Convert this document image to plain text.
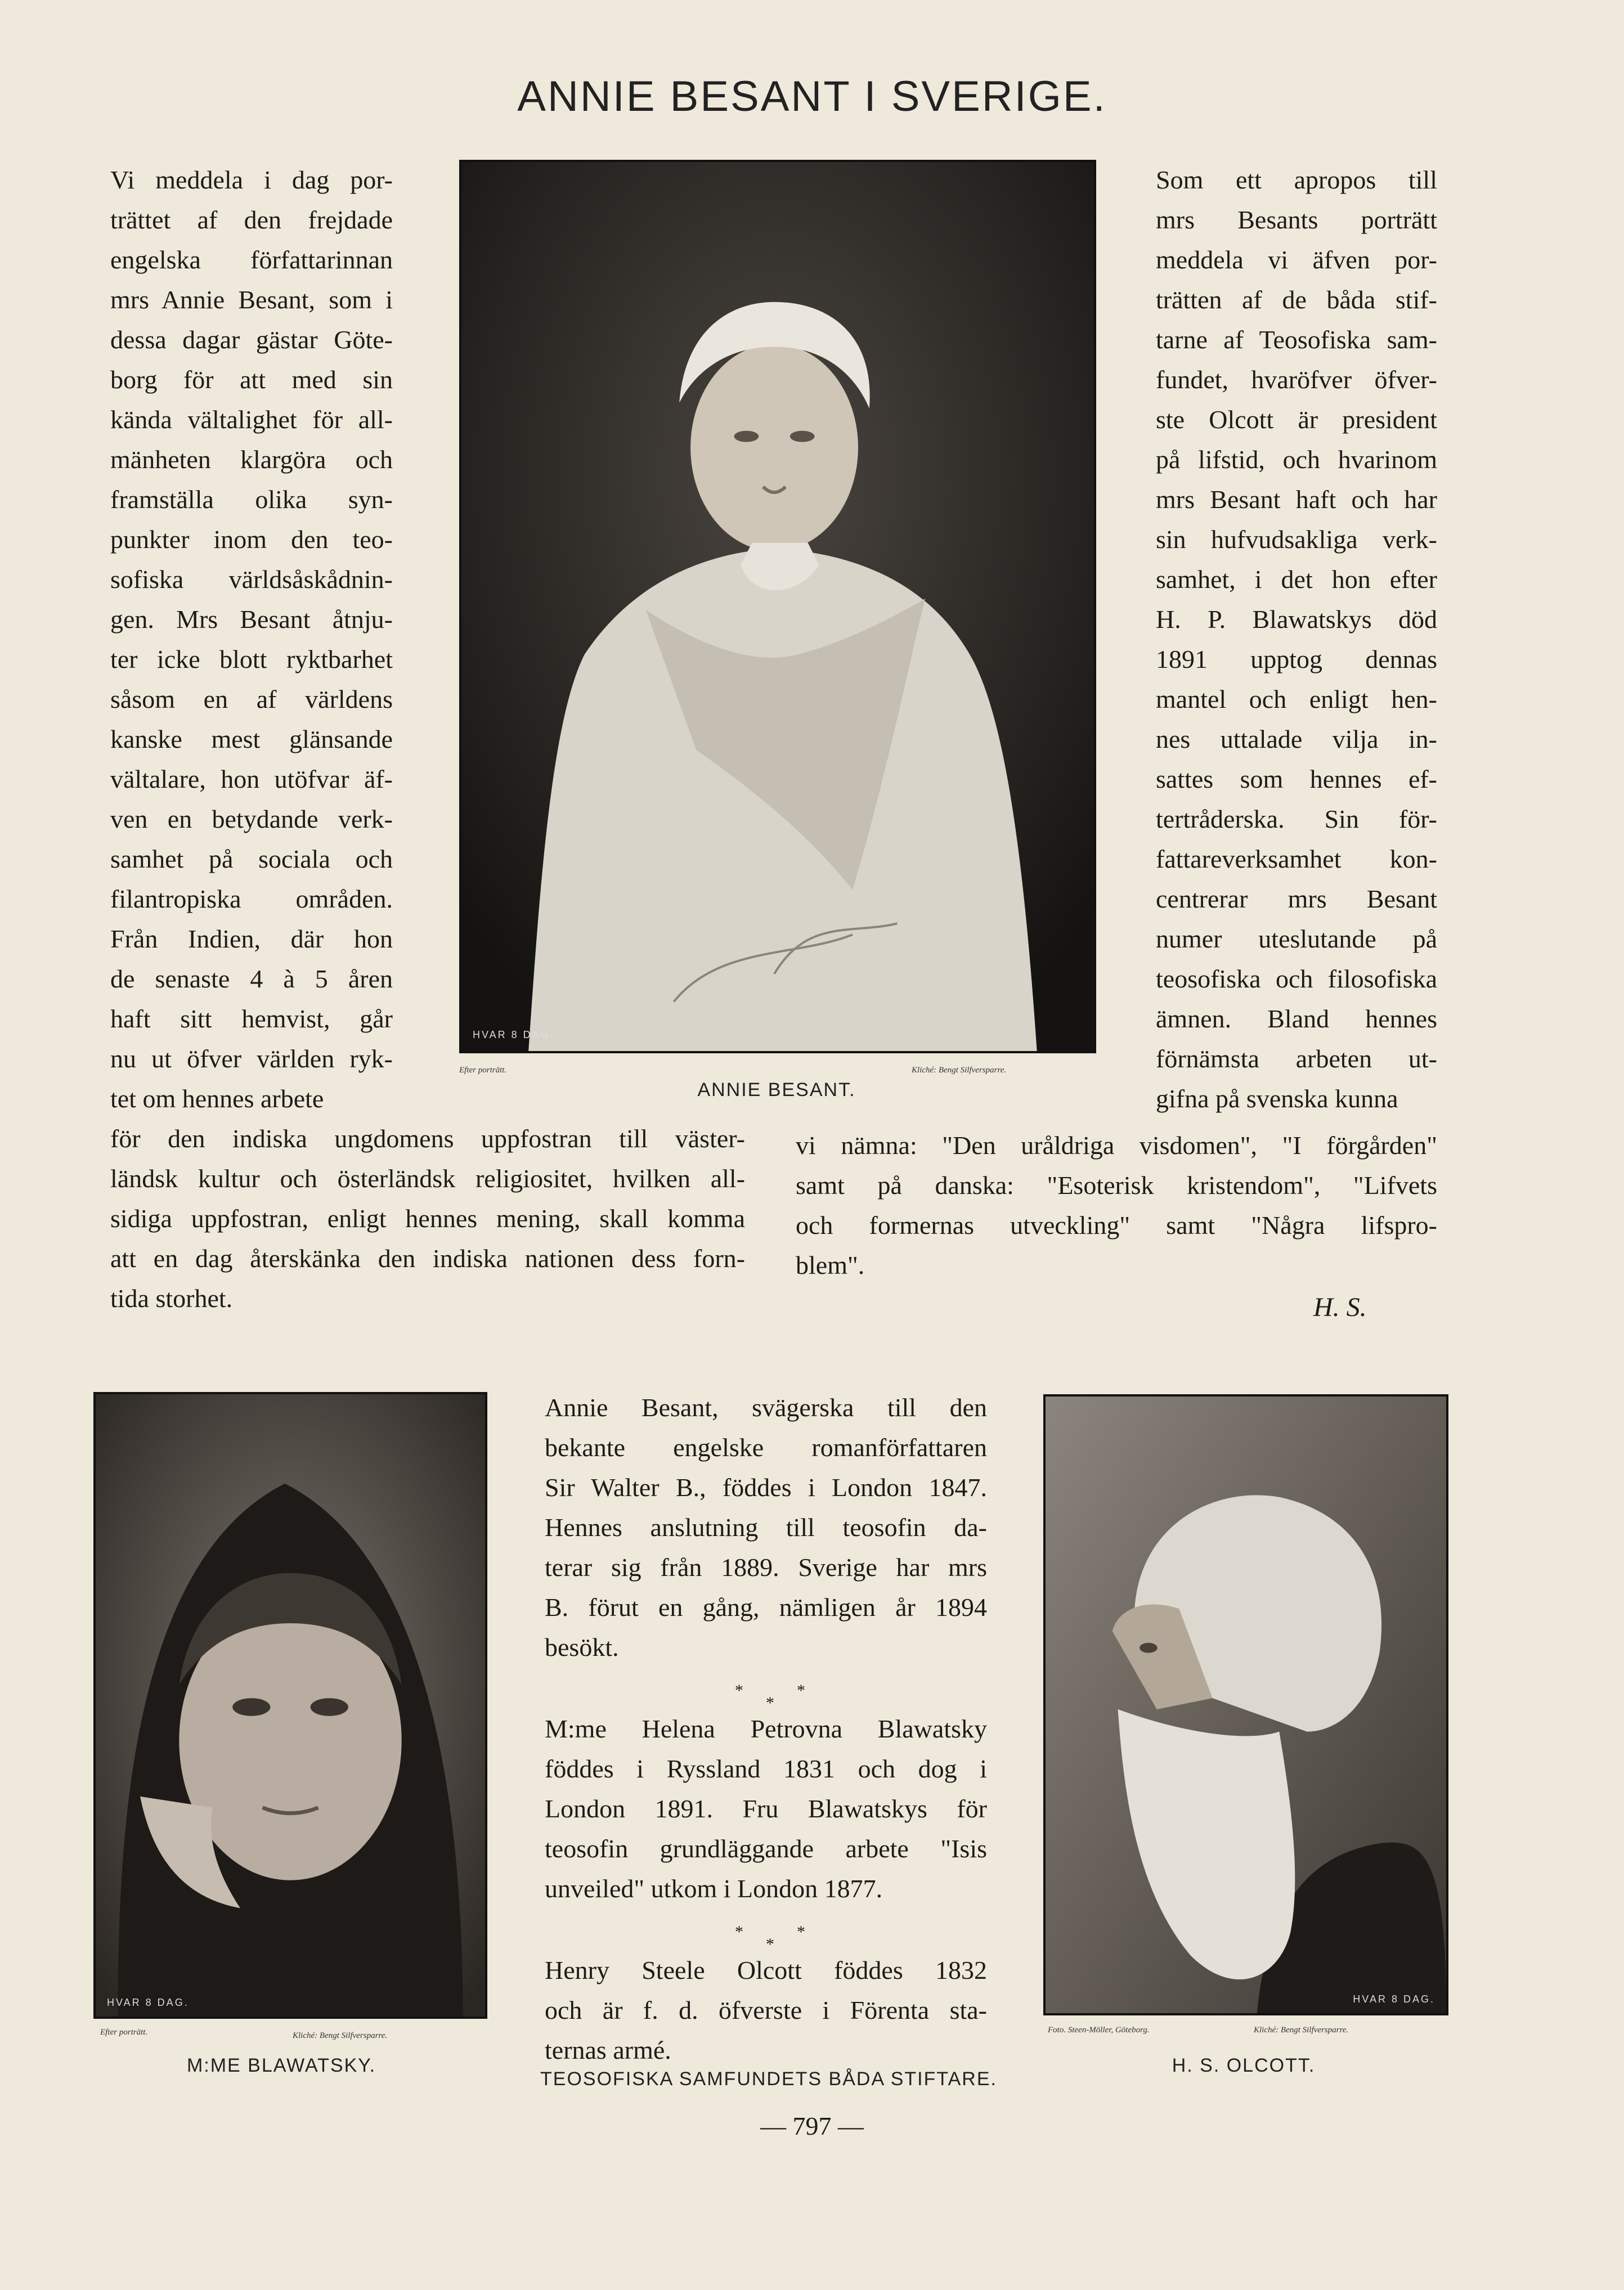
ANNIE BESANT I SVERIGE.
Vi meddela i dag por-
trättet af den frejdade
engelska författarinnan
mrs Annie Besant, som i
dessa dagar gästar Göte-
borg för att med sin
kända vältalighet för all-
mänheten klargöra och
framställa olika syn-
punkter inom den teo-
sofiska världsåskådnin-
gen. Mrs Besant åtnju-
ter icke blott ryktbarhet
såsom en af världens
kanske mest glänsande
vältalare, hon utöfvar äf-
ven en betydande verk-
samhet på sociala och
filantropiska områden.
Från Indien, där hon
de senaste 4 à 5 åren
haft sitt hemvist, går
nu ut öfver världen ryk-
tet om hennes arbete
för den indiska ungdomens uppfostran till väster-
ländsk kultur och österländsk religiositet, hvilken all-
sidiga uppfostran, enligt hennes mening, skall komma
att en dag återskänka den indiska nationen dess forn-
tida storhet.
Som ett apropos till
mrs Besants porträtt
meddela vi äfven por-
trätten af de båda stif-
tarne af Teosofiska sam-
fundet, hvaröfver öfver-
ste Olcott är president
på lifstid, och hvarinom
mrs Besant haft och har
sin hufvudsakliga verk-
samhet, i det hon efter
H. P. Blawatskys död
1891 upptog dennas
mantel och enligt hen-
nes uttalade vilja in-
sattes som hennes ef-
tertråderska. Sin för-
fattareverksamhet kon-
centrerar mrs Besant
numer uteslutande på
teosofiska och filosofiska
ämnen. Bland hennes
förnämsta arbeten ut-
gifna på svenska kunna
vi nämna: "Den uråldriga visdomen", "I förgården"
samt på danska: "Esoterisk kristendom", "Lifvets
och formernas utveckling" samt "Några lifspro-
blem".
H. S.
HVAR 8 DAG.
Efter porträtt.	Kliché: Bengt Silfversparre.
ANNIE BESANT.
HVAR 8 DAG.
Efter porträtt.	Kliché: Bengt Silfversparre.
M:ME BLAWATSKY.
HVAR 8 DAG.
Foto. Steen-Möller, Göteborg.	Kliché: Bengt Silfversparre.
H. S. OLCOTT.
Annie Besant, svägerska till den
bekante engelske romanförfattaren
Sir Walter B., föddes i London 1847.
Hennes anslutning till teosofin da-
terar sig från 1889. Sverige har mrs
B. förut en gång, nämligen år 1894
besökt.
*
*
*
M:me Helena Petrovna Blawatsky
föddes i Ryssland 1831 och dog i
London 1891. Fru Blawatskys för
teosofin grundläggande arbete "Isis
unveiled" utkom i London 1877.
*
*
*
Henry Steele Olcott föddes 1832
och är f. d. öfverste i Förenta sta-
ternas armé.
TEOSOFISKA SAMFUNDETS BÅDA STIFTARE.
— 797 —
